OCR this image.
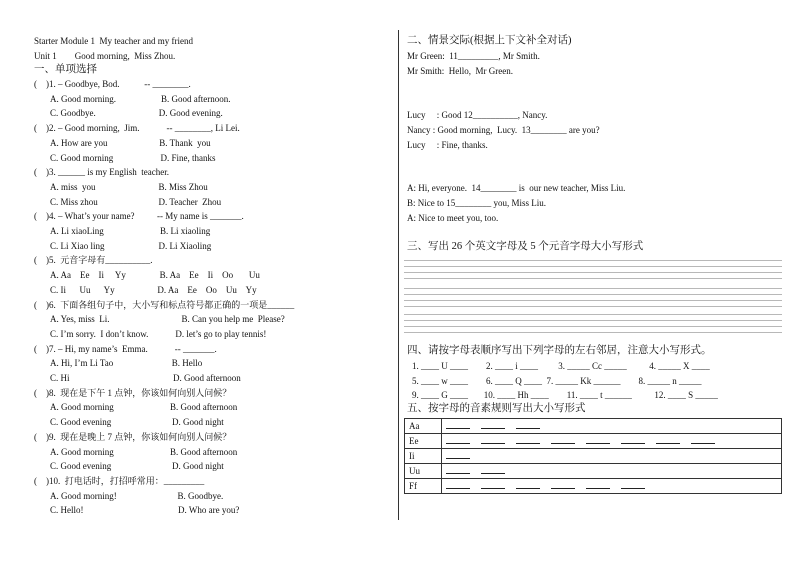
Starter Module 1  My teacher and my friend
Unit 1        Good morning,  Miss Zhou.
一、单项选择
(    )1. – Goodbye, Bod.           -- ________.
A. Good morning.                    B. Good afternoon.
C. Goodbye.                            D. Good evening.
(    )2. – Good morning,  Jim.            -- ________, Li Lei.
A. How are you                       B. Thank  you
C. Good morning                     D. Fine, thanks
(    )3. ______ is my English  teacher.
A. miss  you                            B. Miss Zhou
C. Miss zhou                           D. Teacher  Zhou
(    )4. – What’s your name?          -- My name is _______.
A. Li xiaoLing                         B. Li xiaoling
C. Li Xiao ling                        D. Li Xiaoling
(    )5.  元音字母有__________.
A. Aa    Ee    Ii     Yy               B. Aa    Ee    Ii    Oo       Uu
C. Ii      Uu      Yy                   D. Aa    Ee    Oo    Uu    Yy
(    )6.  下面各组句子中，大小写和标点符号都正确的一项是______
A. Yes, miss  Li.                                B. Can you help me  Please?
C. I’m sorry.  I don’t know.            D. let’s go to play tennis!
(    )7. – Hi, my name’s  Emma.            -- _______.
A. Hi, I’m Li Tao                          B. Hello
C. Hi                                              D. Good afternoon
(    )8.  现在是下午 1 点钟，你该如何向别人问候？
A. Good morning                         B. Good afternoon
C. Good evening                           D. Good night
(    )9.  现在是晚上 7 点钟，你该如何向别人问候？
A. Good morning                         B. Good afternoon
C. Good evening                           D. Good night
(    )10.  打电话时，打招呼常用：_________
A. Good morning!                           B. Goodbye.
C. Hello!                                          D. Who are you?
二、情景交际(根据上下文补全对话)
Mr Green:  11_________, Mr Smith.
Mr Smith:  Hello,  Mr Green.
Lucy     : Good 12__________, Nancy.
Nancy : Good morning,  Lucy.  13________ are you?
Lucy     : Fine, thanks.
A: Hi, everyone.  14________ is  our new teacher, Miss Liu.
B: Nice to 15________ you, Miss Liu.
A: Nice to meet you, too.
三、写出 26 个英文字母及 5 个元音字母大小写形式
四、请按字母表顺序写出下列字母的左右邻居，注意大小写形式。
1. ____ U ____        2. ____ i ____         3. _____ Cc _____          4. _____ X ____
5. ____ w ____        6. ____ Q ____  7. _____ Kk ______        8. _____ n _____
9. ____ G ____       10. ____ Hh ____        11. ____ t ______          12. ____ S _____
五、按字母的音素规则写出大小写形式
Aa	
Ee	
Ii	
Uu	
Ff	
